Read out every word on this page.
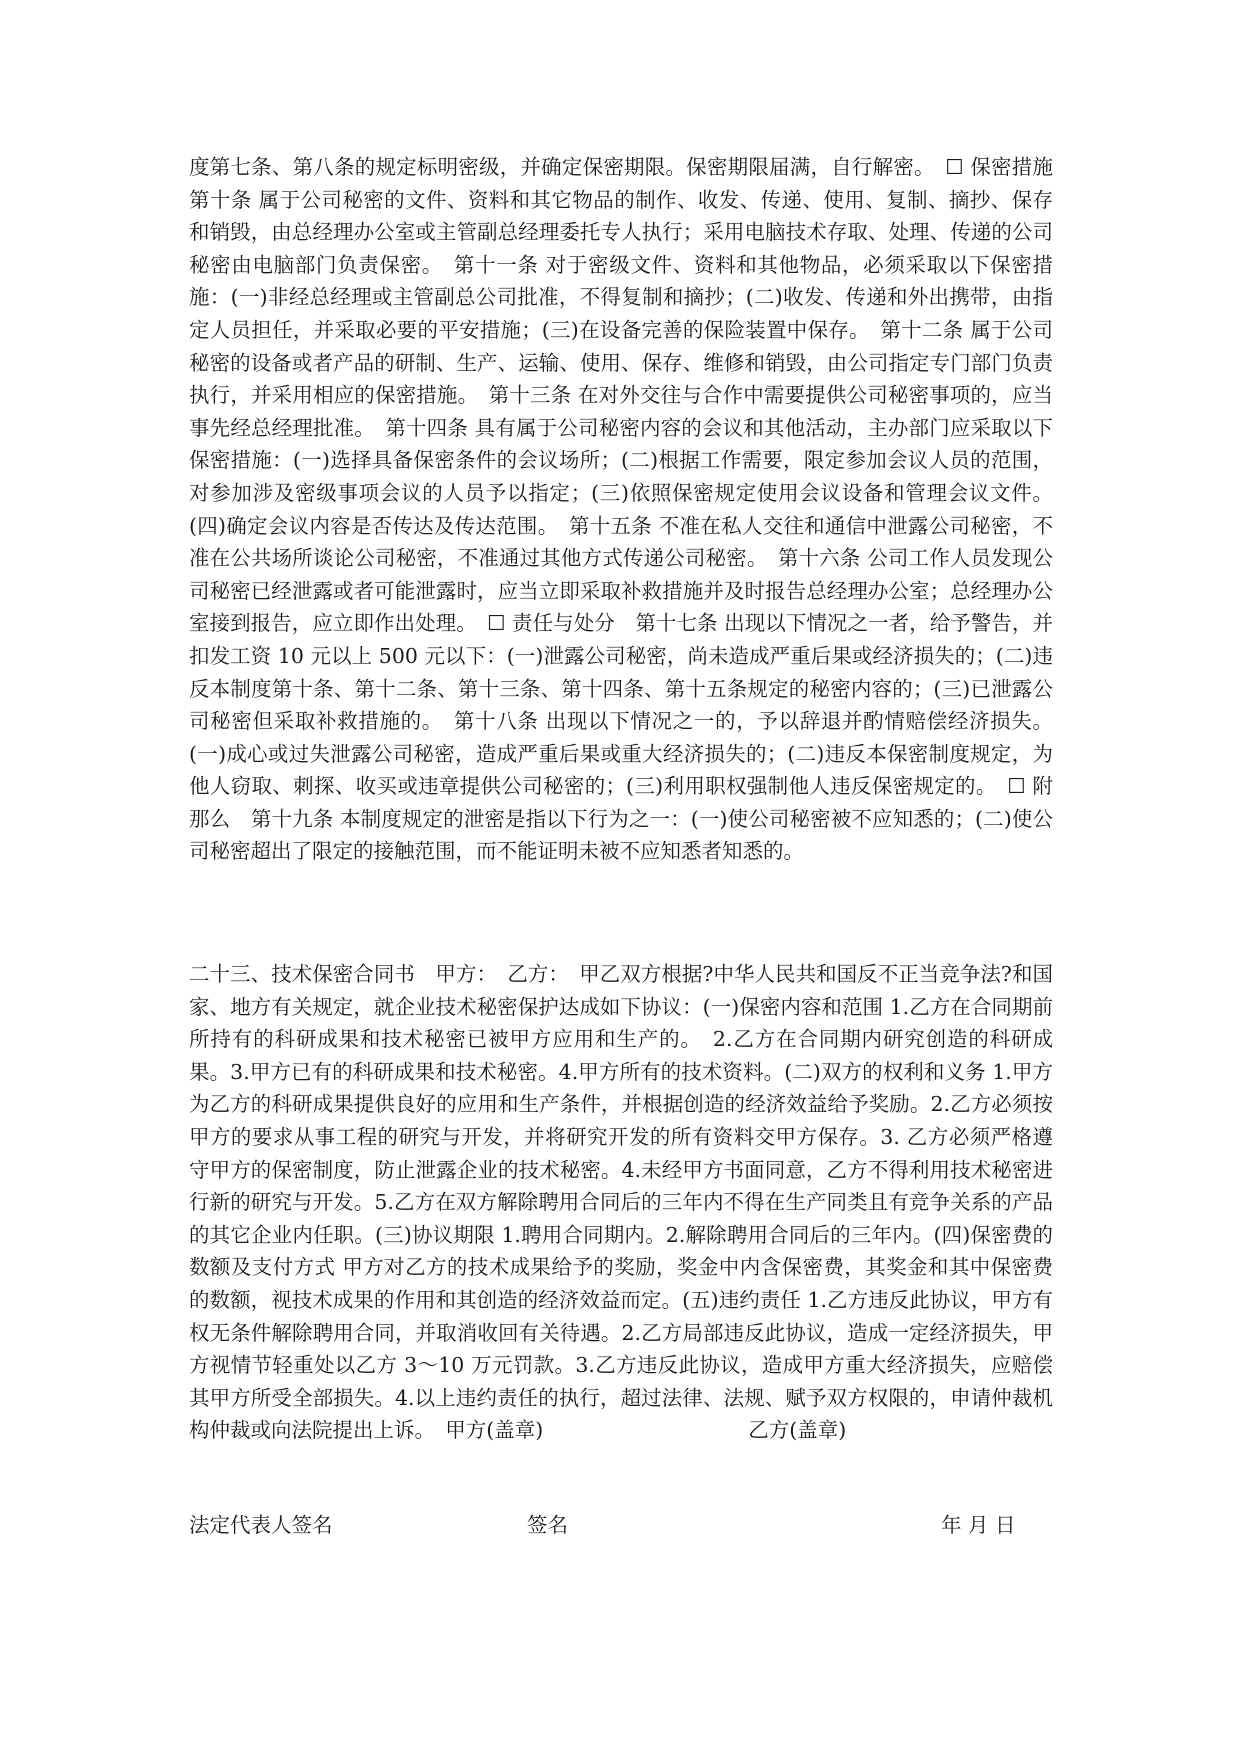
度第七条、第八条的规定标明密级，并确定保密期限。保密期限届满，自行解密。　☐ 保密措施　第十条 属于公司秘密的文件、资料和其它物品的制作、收发、传递、使用、复制、摘抄、保存和销毁，由总经理办公室或主管副总经理委托专人执行；采用电脑技术存取、处理、传递的公司秘密由电脑部门负责保密。　第十一条 对于密级文件、资料和其他物品，必须采取以下保密措施：(一)非经总经理或主管副总公司批准，不得复制和摘抄；(二)收发、传递和外出携带，由指定人员担任，并采取必要的平安措施；(三)在设备完善的保险装置中保存。　第十二条 属于公司秘密的设备或者产品的研制、生产、运输、使用、保存、维修和销毁，由公司指定专门部门负责执行，并采用相应的保密措施。　第十三条 在对外交往与合作中需要提供公司秘密事项的，应当事先经总经理批准。　第十四条 具有属于公司秘密内容的会议和其他活动，主办部门应采取以下保密措施：(一)选择具备保密条件的会议场所；(二)根据工作需要，限定参加会议人员的范围，对参加涉及密级事项会议的人员予以指定；(三)依照保密规定使用会议设备和管理会议文件。(四)确定会议内容是否传达及传达范围。　第十五条 不准在私人交往和通信中泄露公司秘密，不准在公共场所谈论公司秘密，不准通过其他方式传递公司秘密。　第十六条 公司工作人员发现公司秘密已经泄露或者可能泄露时，应当立即采取补救措施并及时报告总经理办公室；总经理办公室接到报告，应立即作出处理。　☐ 责任与处分　第十七条 出现以下情况之一者，给予警告，并扣发工资 10 元以上 500 元以下：(一)泄露公司秘密，尚未造成严重后果或经济损失的；(二)违反本制度第十条、第十二条、第十三条、第十四条、第十五条规定的秘密内容的；(三)已泄露公司秘密但采取补救措施的。　第十八条 出现以下情况之一的，予以辞退并酌情赔偿经济损失。(一)成心或过失泄露公司秘密，造成严重后果或重大经济损失的；(二)违反本保密制度规定，为他人窃取、刺探、收买或违章提供公司秘密的；(三)利用职权强制他人违反保密规定的。　☐ 附那么　第十九条 本制度规定的泄密是指以下行为之一：(一)使公司秘密被不应知悉的；(二)使公司秘密超出了限定的接触范围，而不能证明未被不应知悉者知悉的。

二十三、技术保密合同书　甲方：　乙方：　甲乙双方根据?中华人民共和国反不正当竞争法?和国家、地方有关规定，就企业技术秘密保护达成如下协议：(一)保密内容和范围 1.乙方在合同期前所持有的科研成果和技术秘密已被甲方应用和生产的。　2.乙方在合同期内研究创造的科研成果。3.甲方已有的科研成果和技术秘密。4.甲方所有的技术资料。(二)双方的权利和义务 1.甲方为乙方的科研成果提供良好的应用和生产条件，并根据创造的经济效益给予奖励。2.乙方必须按甲方的要求从事工程的研究与开发，并将研究开发的所有资料交甲方保存。3. 乙方必须严格遵守甲方的保密制度，防止泄露企业的技术秘密。4.未经甲方书面同意，乙方不得利用技术秘密进行新的研究与开发。5.乙方在双方解除聘用合同后的三年内不得在生产同类且有竞争关系的产品的其它企业内任职。(三)协议期限 1.聘用合同期内。2.解除聘用合同后的三年内。(四)保密费的数额及支付方式 甲方对乙方的技术成果给予的奖励，奖金中内含保密费，其奖金和其中保密费的数额，视技术成果的作用和其创造的经济效益而定。(五)违约责任 1.乙方违反此协议，甲方有权无条件解除聘用合同，并取消收回有关待遇。2.乙方局部违反此协议，造成一定经济损失，甲方视情节轻重处以乙方 3～10 万元罚款。3.乙方违反此协议，造成甲方重大经济损失，应赔偿其甲方所受全部损失。4.以上违约责任的执行，超过法律、法规、赋予双方权限的，申请仲裁机构仲裁或向法院提出上诉。　甲方(盖章)　　　　　　　　　　乙方(盖章)

法定代表人签名	签名	年 月 日
